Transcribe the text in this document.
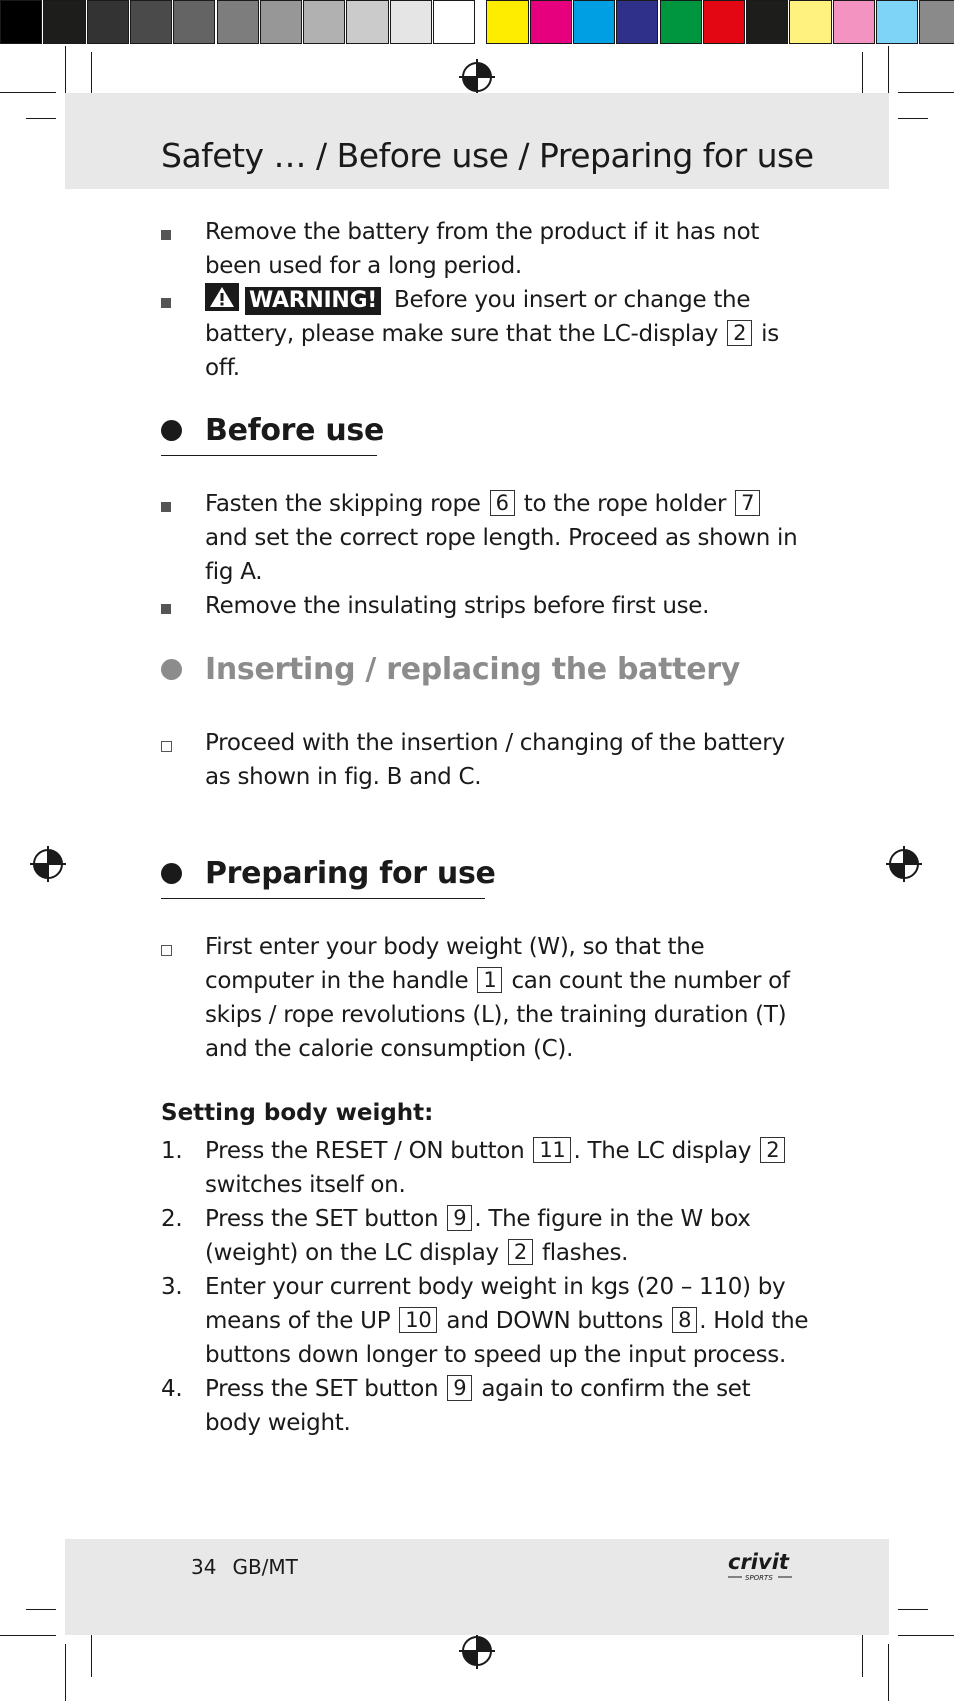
Safety … / Before use / Preparing for use
Remove the battery from the product if it has not been used for a long period.
WARNING! Before you insert or change the battery, please make sure that the LC-display 2 is off.
Before use
Fasten the skipping rope 6 to the rope holder 7 and set the correct rope length. Proceed as shown in fig A.
Remove the insulating strips before first use.
Inserting / replacing the battery
Proceed with the insertion / changing of the battery as shown in fig. B and C.
Preparing for use
First enter your body weight (W), so that the computer in the handle 1 can count the number of skips / rope revolutions (L), the training duration (T) and the calorie consumption (C).
Setting body weight:
1. Press the RESET / ON button 11 . The LC display 2 switches itself on.
2. Press the SET button 9 . The figure in the W box (weight) on the LC display 2 flashes.
3. Enter your current body weight in kgs (20 – 110) by means of the UP 10 and DOWN buttons 8 . Hold the buttons down longer to speed up the input process.
4. Press the SET button 9 again to confirm the set body weight.
34 GB/MT	crivit
SPORTS
